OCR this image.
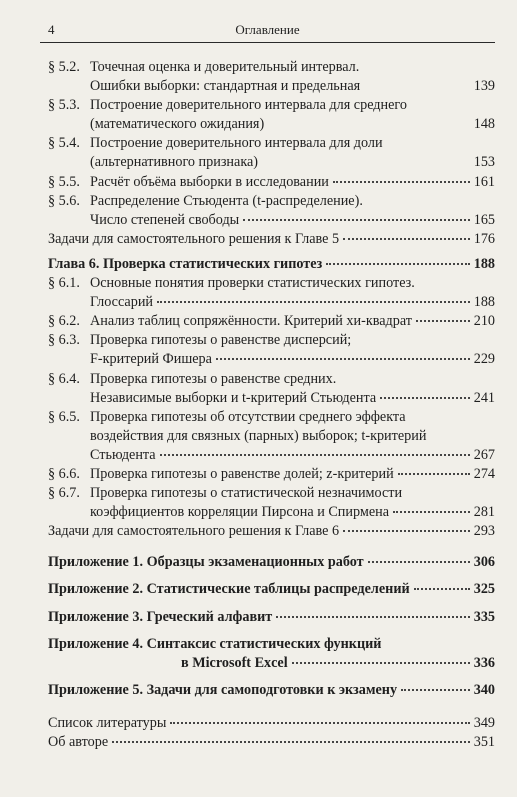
4	Оглавление
§ 5.2. Точечная оценка и доверительный интервал.
Ошибки выборки: стандартная и предельная	139
§ 5.3. Построение доверительного интервала для среднего
(математического ожидания)	148
§ 5.4. Построение доверительного интервала для доли
(альтернативного признака)	153
§ 5.5. Расчёт объёма выборки в исследовании	161
§ 5.6. Распределение Стьюдента (t-распределение).
Число степеней свободы	165
Задачи для самостоятельного решения к Главе 5	176
Глава 6. Проверка статистических гипотез	188
§ 6.1. Основные понятия проверки статистических гипотез.
Глоссарий	188
§ 6.2. Анализ таблиц сопряжённости. Критерий хи-квадрат	210
§ 6.3. Проверка гипотезы о равенстве дисперсий;
F-критерий Фишера	229
§ 6.4. Проверка гипотезы о равенстве средних.
Независимые выборки и t-критерий Стьюдента	241
§ 6.5. Проверка гипотезы об отсутствии среднего эффекта
воздействия для связных (парных) выборок; t-критерий
Стьюдента	267
§ 6.6. Проверка гипотезы о равенстве долей; z-критерий	274
§ 6.7. Проверка гипотезы о статистической незначимости
коэффициентов корреляции Пирсона и Спирмена	281
Задачи для самостоятельного решения к Главе 6	293
Приложение 1. Образцы экзаменационных работ	306
Приложение 2. Статистические таблицы распределений	325
Приложение 3. Греческий алфавит	335
Приложение 4. Синтаксис статистических функций
в Microsoft Excel	336
Приложение 5. Задачи для самоподготовки к экзамену	340
Список литературы	349
Об авторе	351
